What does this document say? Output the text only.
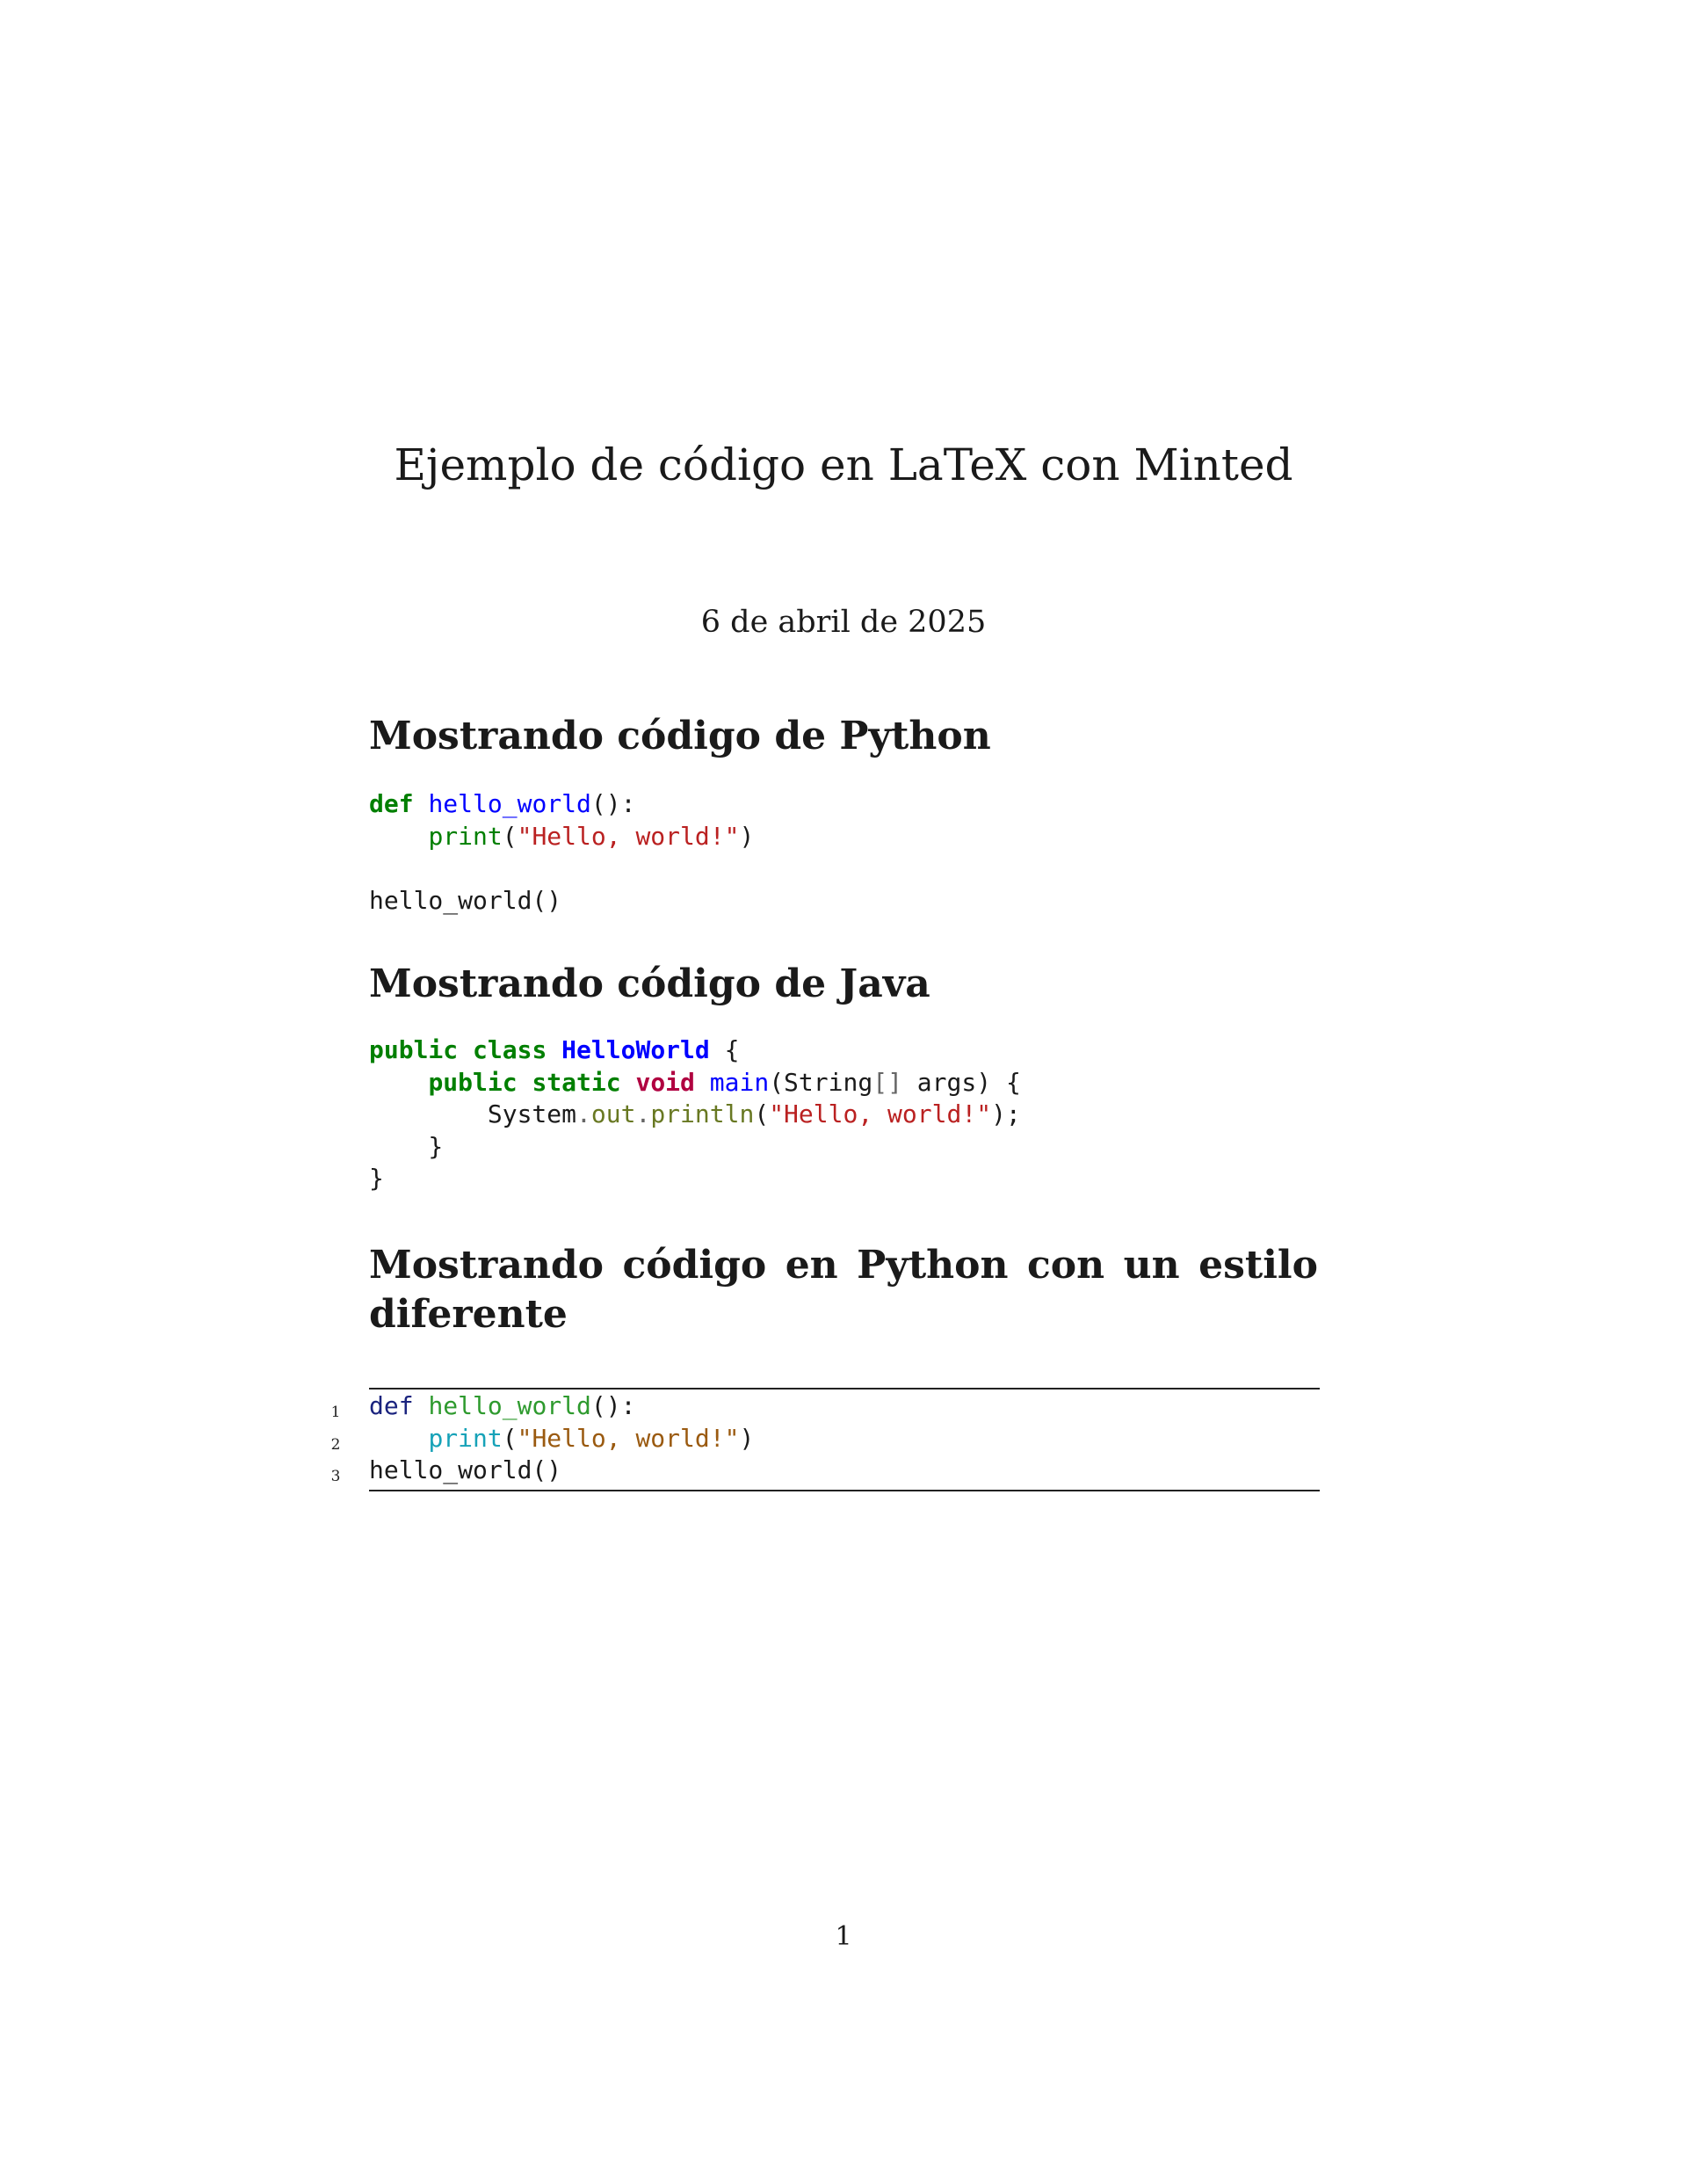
Ejemplo de código en LaTeX con Minted
6 de abril de 2025
Mostrando código de Python
def hello_world():
print("Hello, world!")
hello_world()
Mostrando código de Java
public class HelloWorld {
public static void main(String[] args) {
System.out.println("Hello, world!");
}
}
Mostrando código en Python con un estilo diferente
1
2
3
def hello_world():
print("Hello, world!")
hello_world()
1
